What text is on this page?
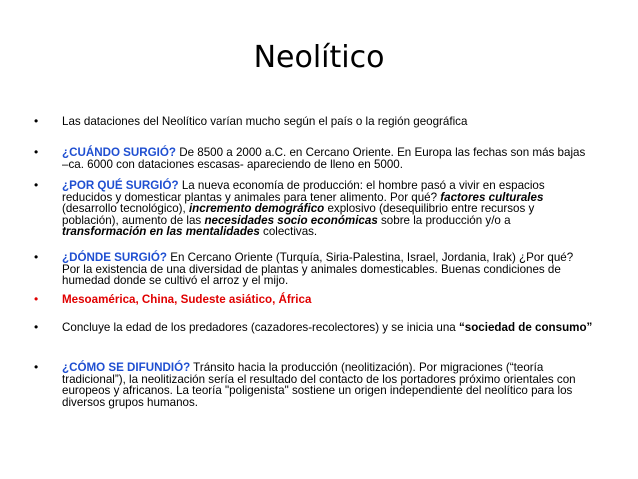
Neolítico
• Las dataciones del Neolítico varían mucho según el país o la región geográfica
• ¿CUÁNDO SURGIÓ? De 8500 a 2000 a.C. en Cercano Oriente. En Europa las fechas son más bajas –ca. 6000 con dataciones escasas- apareciendo de lleno en 5000.
• ¿POR QUÉ SURGIÓ? La nueva economía de producción: el hombre pasó a vivir en espacios reducidos y domesticar plantas y animales para tener alimento. Por qué? factores culturales (desarrollo tecnológico), incremento demográfico explosivo (desequilibrio entre recursos y población), aumento de las necesidades socio económicas sobre la producción y/o a transformación en las mentalidades colectivas.
• ¿DÓNDE SURGIÓ? En Cercano Oriente (Turquía, Siria-Palestina, Israel, Jordania, Irak) ¿Por qué? Por la existencia de una diversidad de plantas y animales domesticables. Buenas condiciones de humedad donde se cultivó el arroz y el mijo.
• Mesoamérica, China, Sudeste asiático, África
• Concluye la edad de los predadores (cazadores-recolectores) y se inicia una “sociedad de consumo”
• ¿CÓMO SE DIFUNDIÓ? Tránsito hacia la producción (neolitización). Por migraciones (“teoría tradicional”), la neolitización sería el resultado del contacto de los portadores próximo orientales con europeos y africanos. La teoría "poligenista" sostiene un origen independiente del neolítico para los diversos grupos humanos.
